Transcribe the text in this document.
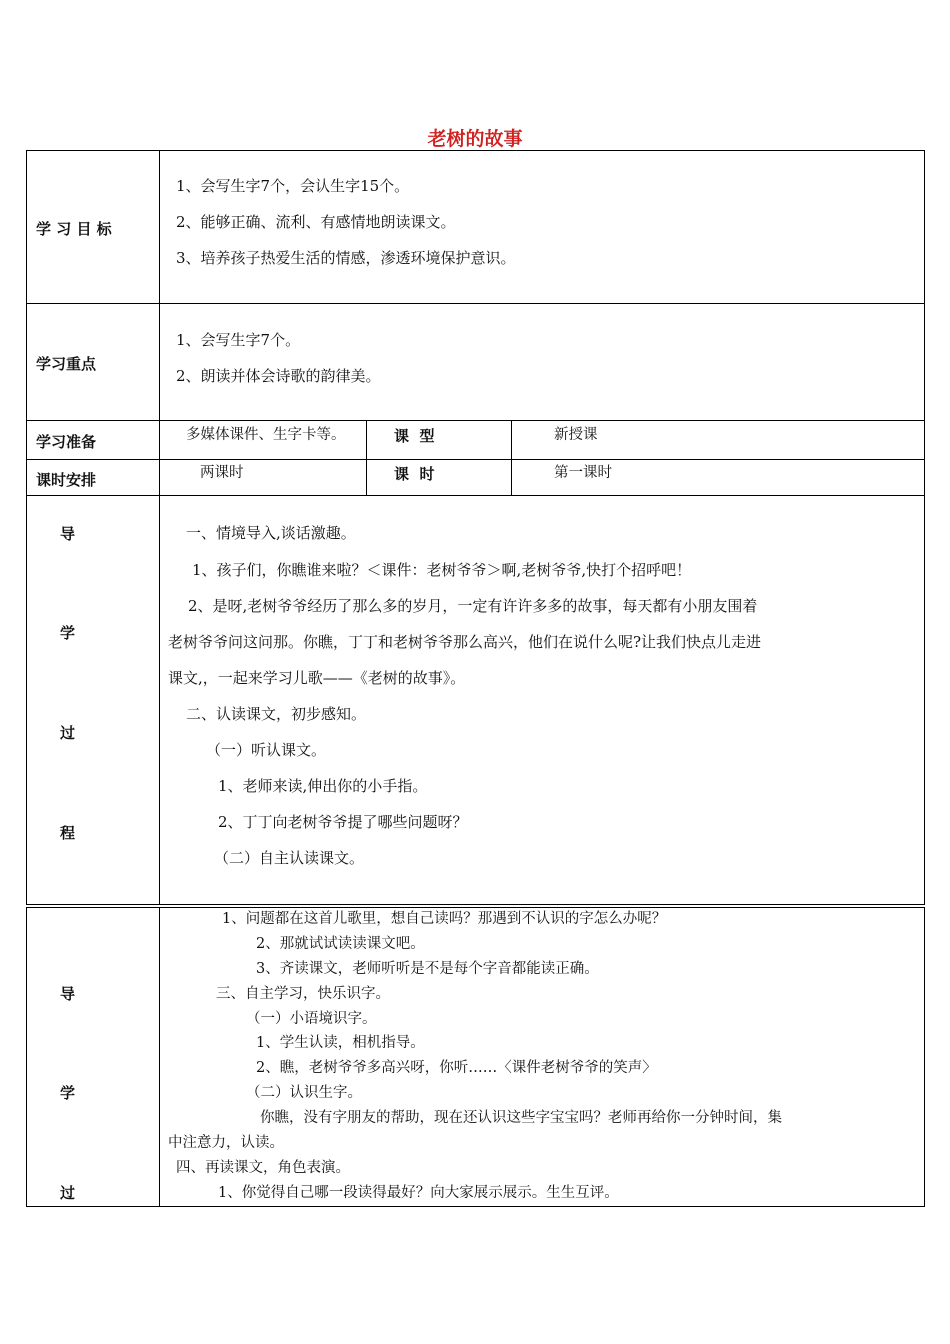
老树的故事
学 习 目 标
1、会写生字7个，会认生字15个。
2、能够正确、流利、有感情地朗读课文。
3、培养孩子热爱生活的情感，渗透环境保护意识。
学习重点
1、会写生字7个。
2、朗读并体会诗歌的韵律美。
学习准备	多媒体课件、生字卡等。	课  型	新授课
课时安排	两课时	课  时	第一课时
导
学
过
程
一、情境导入,谈话激趣。
1、孩子们，你瞧谁来啦？＜课件：老树爷爷＞啊,老树爷爷,快打个招呼吧！
2、是呀,老树爷爷经历了那么多的岁月，一定有许许多多的故事，每天都有小朋友围着
老树爷爷问这问那。你瞧，丁丁和老树爷爷那么高兴，他们在说什么呢?让我们快点儿走进
课文,，一起来学习儿歌——《老树的故事》。
二、认读课文，初步感知。
（一）听认课文。
1、老师来读,伸出你的小手指。
2、丁丁向老树爷爷提了哪些问题呀？
（二）自主认读课文。
导
学
过
1、问题都在这首儿歌里，想自己读吗？那遇到不认识的字怎么办呢？
2、那就试试读读课文吧。
3、齐读课文，老师听听是不是每个字音都能读正确。
三、自主学习，快乐识字。
（一）小语境识字。
1、学生认读，相机指导。
2、瞧，老树爷爷多高兴呀，你听……〈课件老树爷爷的笑声〉
（二）认识生字。
你瞧，没有字朋友的帮助，现在还认识这些字宝宝吗？老师再给你一分钟时间，集
中注意力，认读。
四、再读课文，角色表演。
1、你觉得自己哪一段读得最好？向大家展示展示。生生互评。
